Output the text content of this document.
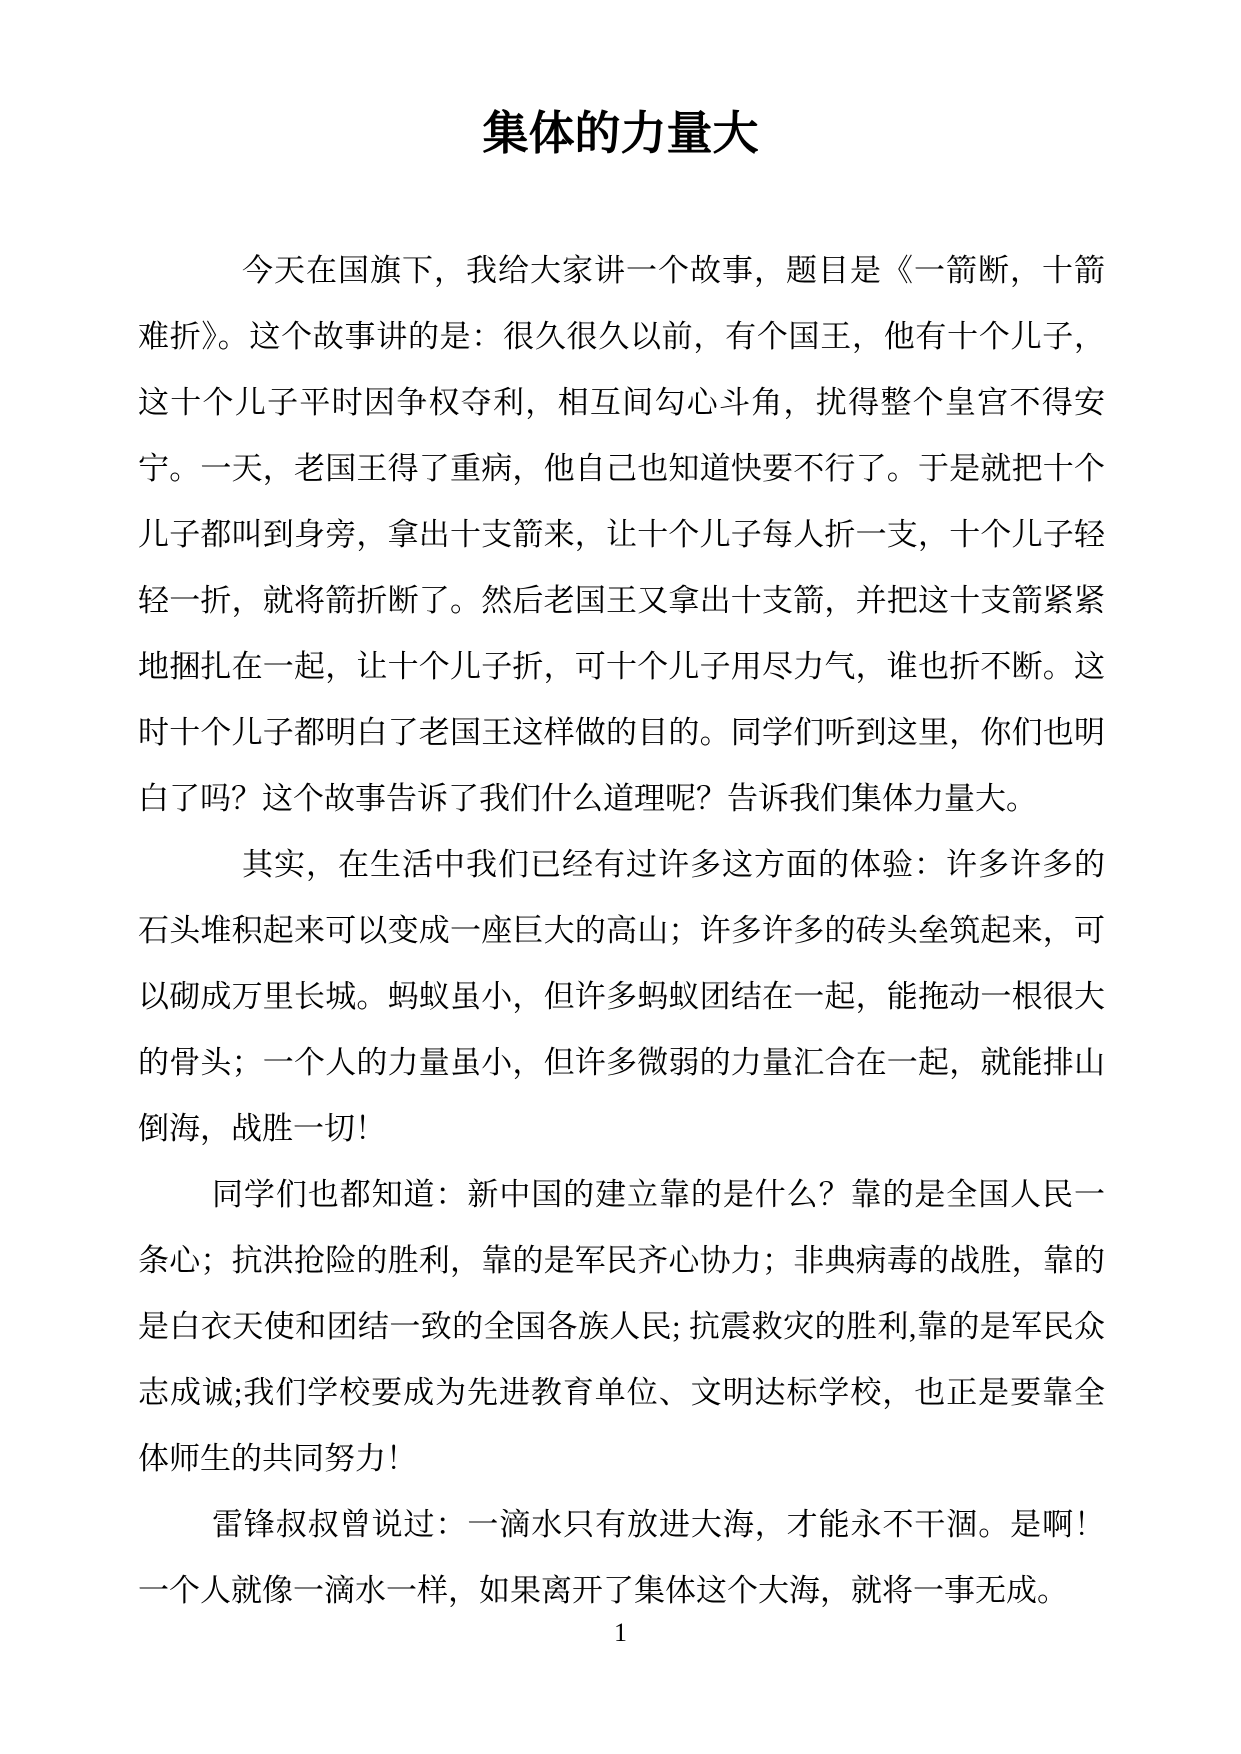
集体的力量大

今天在国旗下，我给大家讲一个故事，题目是《一箭断，十箭难折》。这个故事讲的是：很久很久以前，有个国王，他有十个儿子，这十个儿子平时因争权夺利，相互间勾心斗角，扰得整个皇宫不得安宁。一天，老国王得了重病，他自己也知道快要不行了。于是就把十个儿子都叫到身旁，拿出十支箭来，让十个儿子每人折一支，十个儿子轻轻一折，就将箭折断了。然后老国王又拿出十支箭，并把这十支箭紧紧地捆扎在一起，让十个儿子折，可十个儿子用尽力气，谁也折不断。这时十个儿子都明白了老国王这样做的目的。同学们听到这里，你们也明白了吗？这个故事告诉了我们什么道理呢？告诉我们集体力量大。

其实，在生活中我们已经有过许多这方面的体验：许多许多的石头堆积起来可以变成一座巨大的高山；许多许多的砖头垒筑起来，可以砌成万里长城。蚂蚁虽小，但许多蚂蚁团结在一起，能拖动一根很大的骨头；一个人的力量虽小，但许多微弱的力量汇合在一起，就能排山倒海，战胜一切！

同学们也都知道：新中国的建立靠的是什么？靠的是全国人民一条心；抗洪抢险的胜利，靠的是军民齐心协力；非典病毒的战胜，靠的是白衣天使和团结一致的全国各族人民; 抗震救灾的胜利,靠的是军民众志成诚;我们学校要成为先进教育单位、文明达标学校，也正是要靠全体师生的共同努力！

雷锋叔叔曾说过：一滴水只有放进大海，才能永不干涸。是啊！一个人就像一滴水一样，如果离开了集体这个大海，就将一事无成。

1
